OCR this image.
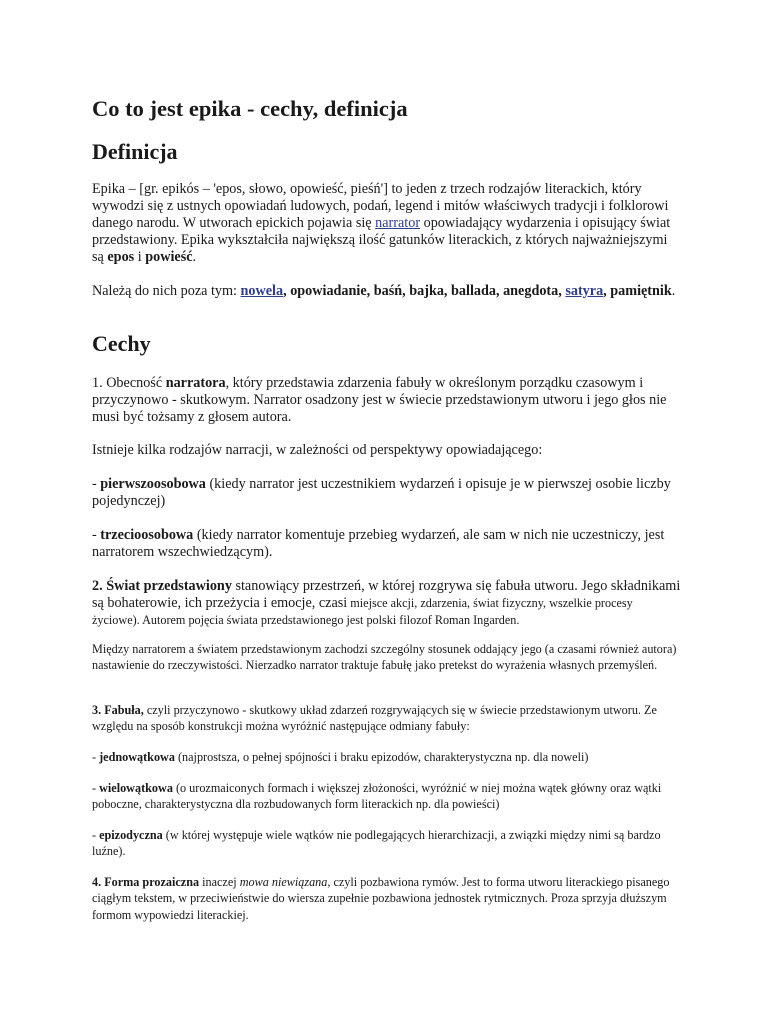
Co to jest epika - cechy, definicja
Definicja

Epika – [gr. epikós – 'epos, słowo, opowieść, pieśń'] to jeden z trzech rodzajów literackich, który wywodzi się z ustnych opowiadań ludowych, podań, legend i mitów właściwych tradycji i folklorowi danego narodu. W utworach epickich pojawia się narrator opowiadający wydarzenia i opisujący świat przedstawiony. Epika wykształciła największą ilość gatunków literackich, z których najważniejszymi są epos i powieść.

Należą do nich poza tym: nowela, opowiadanie, baśń, bajka, ballada, anegdota, satyra, pamiętnik.

Cechy

1. Obecność narratora, który przedstawia zdarzenia fabuły w określonym porządku czasowym i przyczynowo - skutkowym. Narrator osadzony jest w świecie przedstawionym utworu i jego głos nie musi być tożsamy z głosem autora.

Istnieje kilka rodzajów narracji, w zależności od perspektywy opowiadającego:

- pierwszoosobowa (kiedy narrator jest uczestnikiem wydarzeń i opisuje je w pierwszej osobie liczby pojedynczej)

- trzecioosobowa (kiedy narrator komentuje przebieg wydarzeń, ale sam w nich nie uczestniczy, jest narratorem wszechwiedzącym).

2. Świat przedstawiony stanowiący przestrzeń, w której rozgrywa się fabuła utworu. Jego składnikami są bohaterowie, ich przeżycia i emocje, czasi miejsce akcji, zdarzenia, świat fizyczny, wszelkie procesy życiowe). Autorem pojęcia świata przedstawionego jest polski filozof Roman Ingarden.

Między narratorem a światem przedstawionym zachodzi szczególny stosunek oddający jego (a czasami również autora) nastawienie do rzeczywistości. Nierzadko narrator traktuje fabułę jako pretekst do wyrażenia własnych przemyśleń.

3. Fabuła, czyli przyczynowo - skutkowy układ zdarzeń rozgrywających się w świecie przedstawionym utworu. Ze względu na sposób konstrukcji można wyróżnić następujące odmiany fabuły:

- jednowątkowa (najprostsza, o pełnej spójności i braku epizodów, charakterystyczna np. dla noweli)

- wielowątkowa (o urozmaiconych formach i większej złożoności, wyróżnić w niej można wątek główny oraz wątki poboczne, charakterystyczna dla rozbudowanych form literackich np. dla powieści)

- epizodyczna (w której występuje wiele wątków nie podlegających hierarchizacji, a związki między nimi są bardzo luźne).

4. Forma prozaiczna inaczej mowa niewiązana, czyli pozbawiona rymów. Jest to forma utworu literackiego pisanego ciągłym tekstem, w przeciwieństwie do wiersza zupełnie pozbawiona jednostek rytmicznych. Proza sprzyja dłuższym formom wypowiedzi literackiej.
